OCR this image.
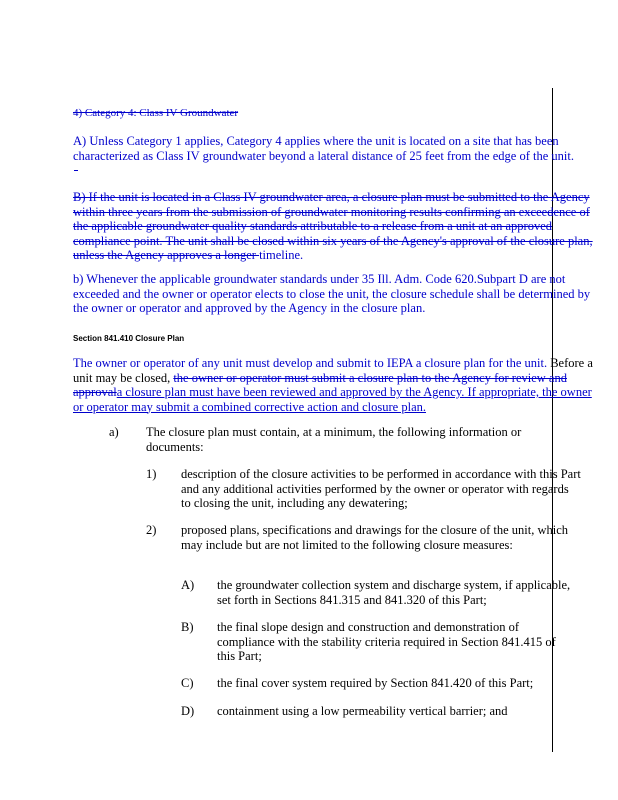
4) Category 4: Class IV Groundwater
A) Unless Category 1 applies, Category 4 applies where the unit is located on a site that has been characterized as Class IV groundwater beyond a lateral distance of 25 feet from the edge of the unit.
B) If the unit is located in a Class IV groundwater area, a closure plan must be submitted to the Agency within three years from the submission of groundwater monitoring results confirming an exceedence of the applicable groundwater quality standards attributable to a release from a unit at an approved compliance point. The unit shall be closed within six years of the Agency's approval of the closure plan, unless the Agency approves a longer timeline.
b) Whenever the applicable groundwater standards under 35 Ill. Adm. Code 620.Subpart D are not exceeded and the owner or operator elects to close the unit, the closure schedule shall be determined by the owner or operator and approved by the Agency in the closure plan.
Section 841.410 Closure Plan
The owner or operator of any unit must develop and submit to IEPA a closure plan for the unit. Before a unit may be closed, the owner or operator must submit a closure plan to the Agency for review and approvala closure plan must have been reviewed and approved by the Agency. If appropriate, the owner or operator may submit a combined corrective action and closure plan.
a) The closure plan must contain, at a minimum, the following information or documents:
1) description of the closure activities to be performed in accordance with this Part and any additional activities performed by the owner or operator with regards to closing the unit, including any dewatering;
2) proposed plans, specifications and drawings for the closure of the unit, which may include but are not limited to the following closure measures:
A) the groundwater collection system and discharge system, if applicable, set forth in Sections 841.315 and 841.320 of this Part;
B) the final slope design and construction and demonstration of compliance with the stability criteria required in Section 841.415 of this Part;
C) the final cover system required by Section 841.420 of this Part;
D) containment using a low permeability vertical barrier; and
